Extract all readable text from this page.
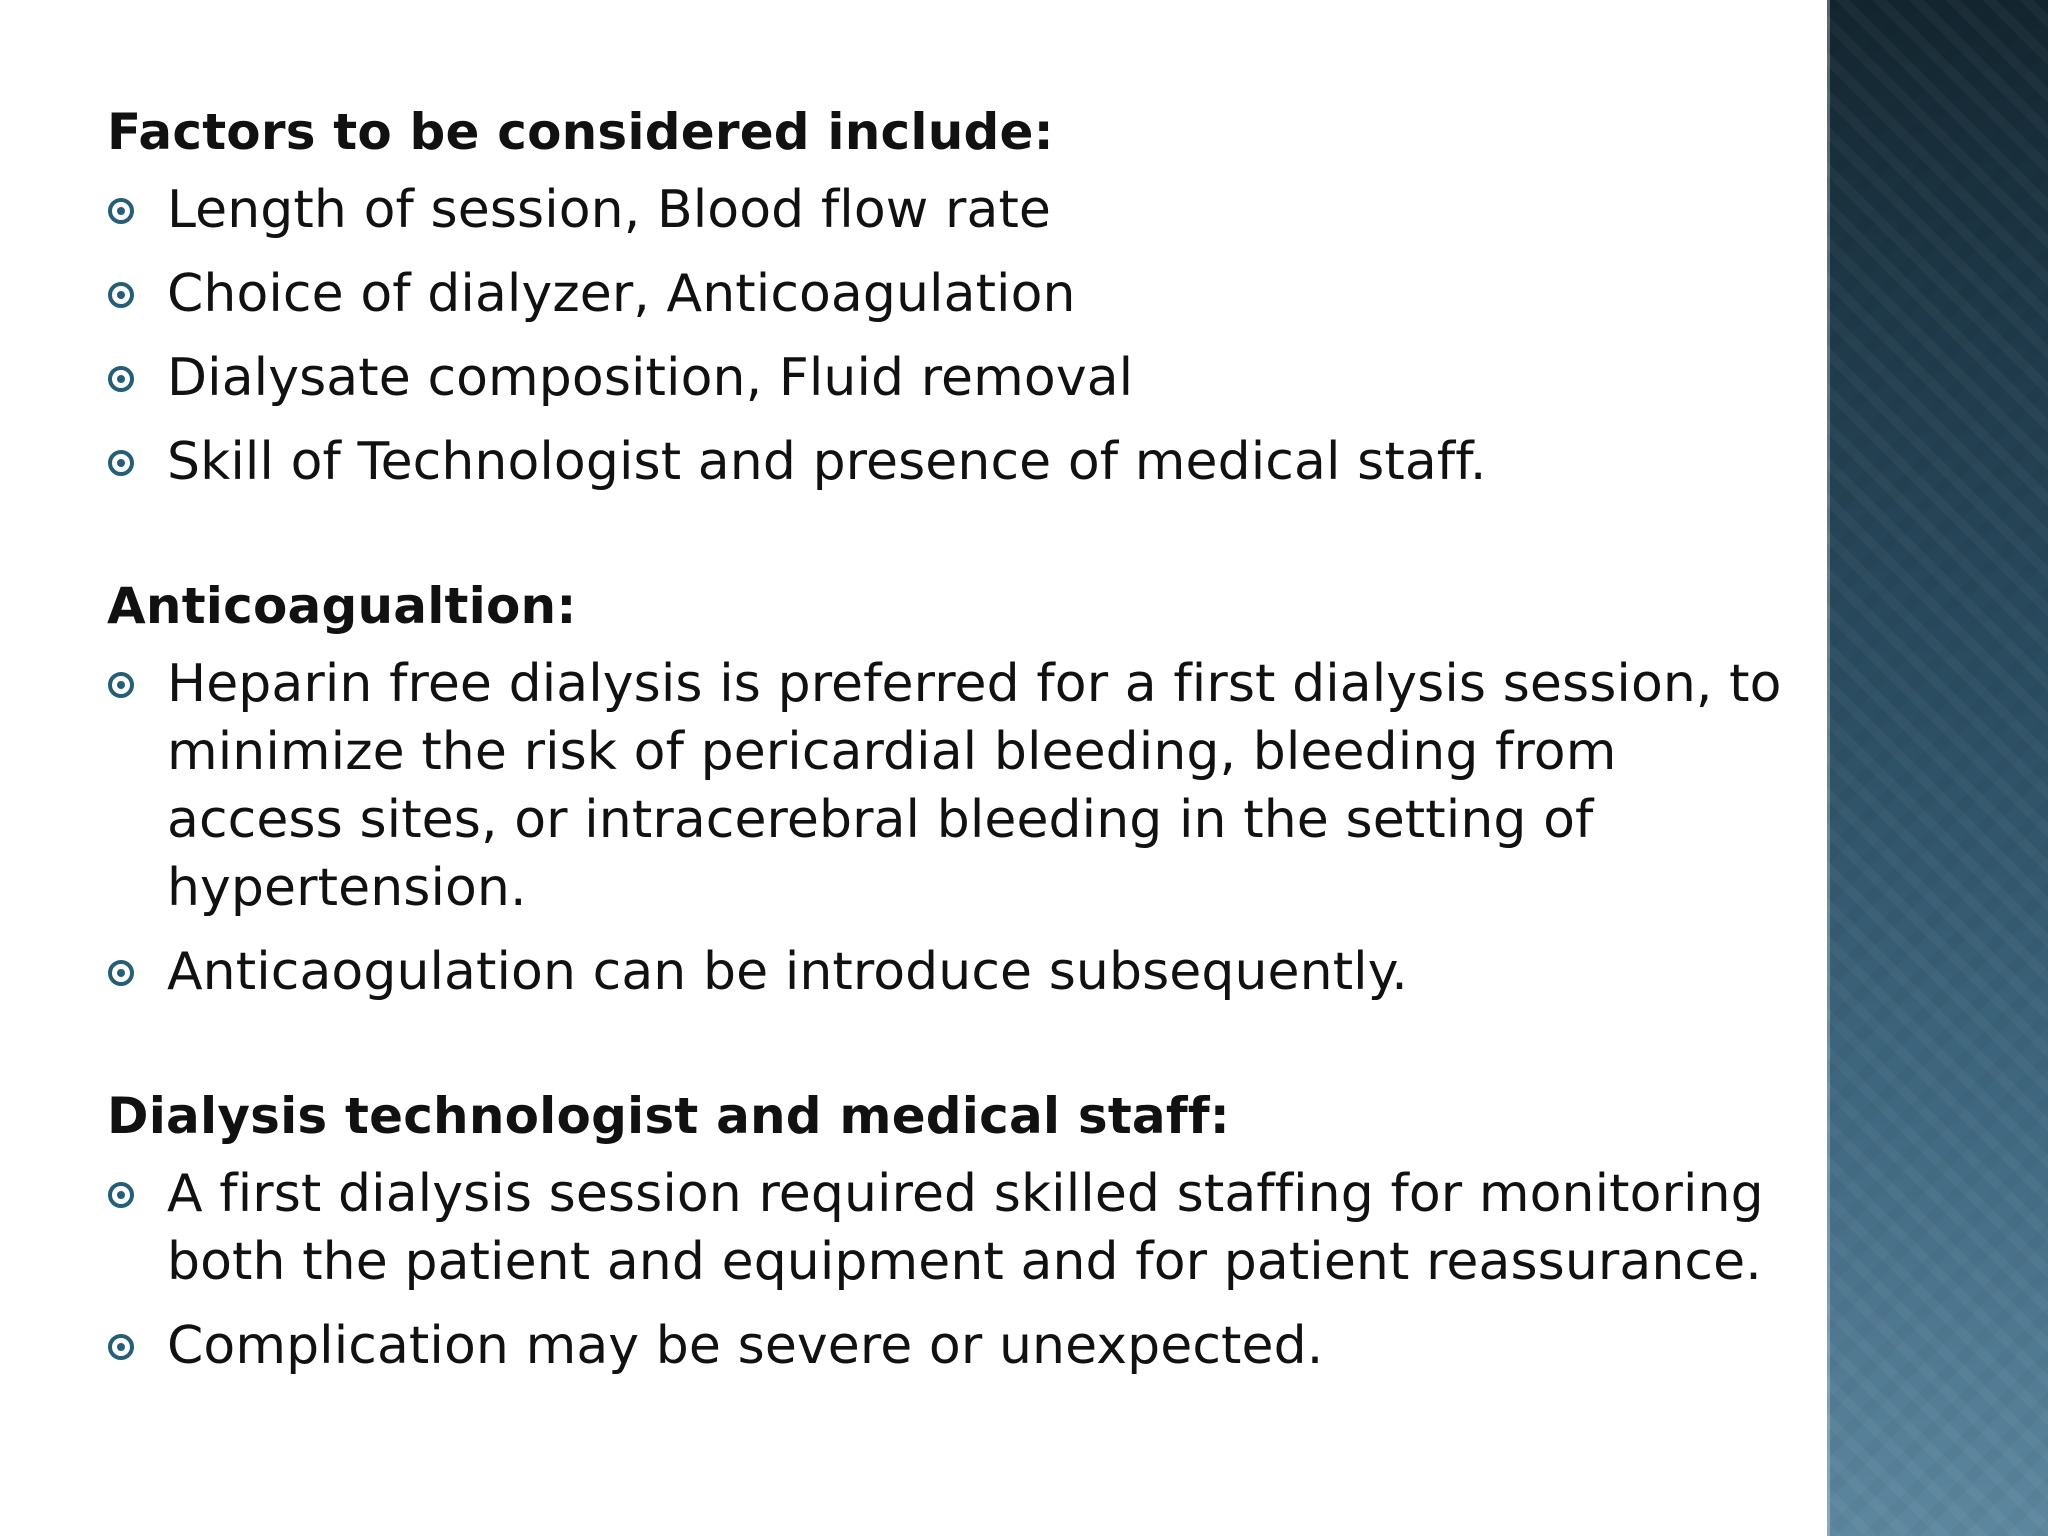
Factors to be considered include:
Length of session, Blood flow rate
Choice of dialyzer, Anticoagulation
Dialysate composition, Fluid removal
Skill of Technologist and presence of medical staff.
Anticoagualtion:
Heparin free dialysis is preferred for a first dialysis session, to minimize the risk of pericardial bleeding, bleeding from access sites, or intracerebral bleeding in the setting of hypertension.
Anticaogulation can be introduce subsequently.
Dialysis technologist and medical staff:
A first dialysis session required skilled staffing for monitoring both the patient and equipment and for patient reassurance.
Complication may be severe or unexpected.
